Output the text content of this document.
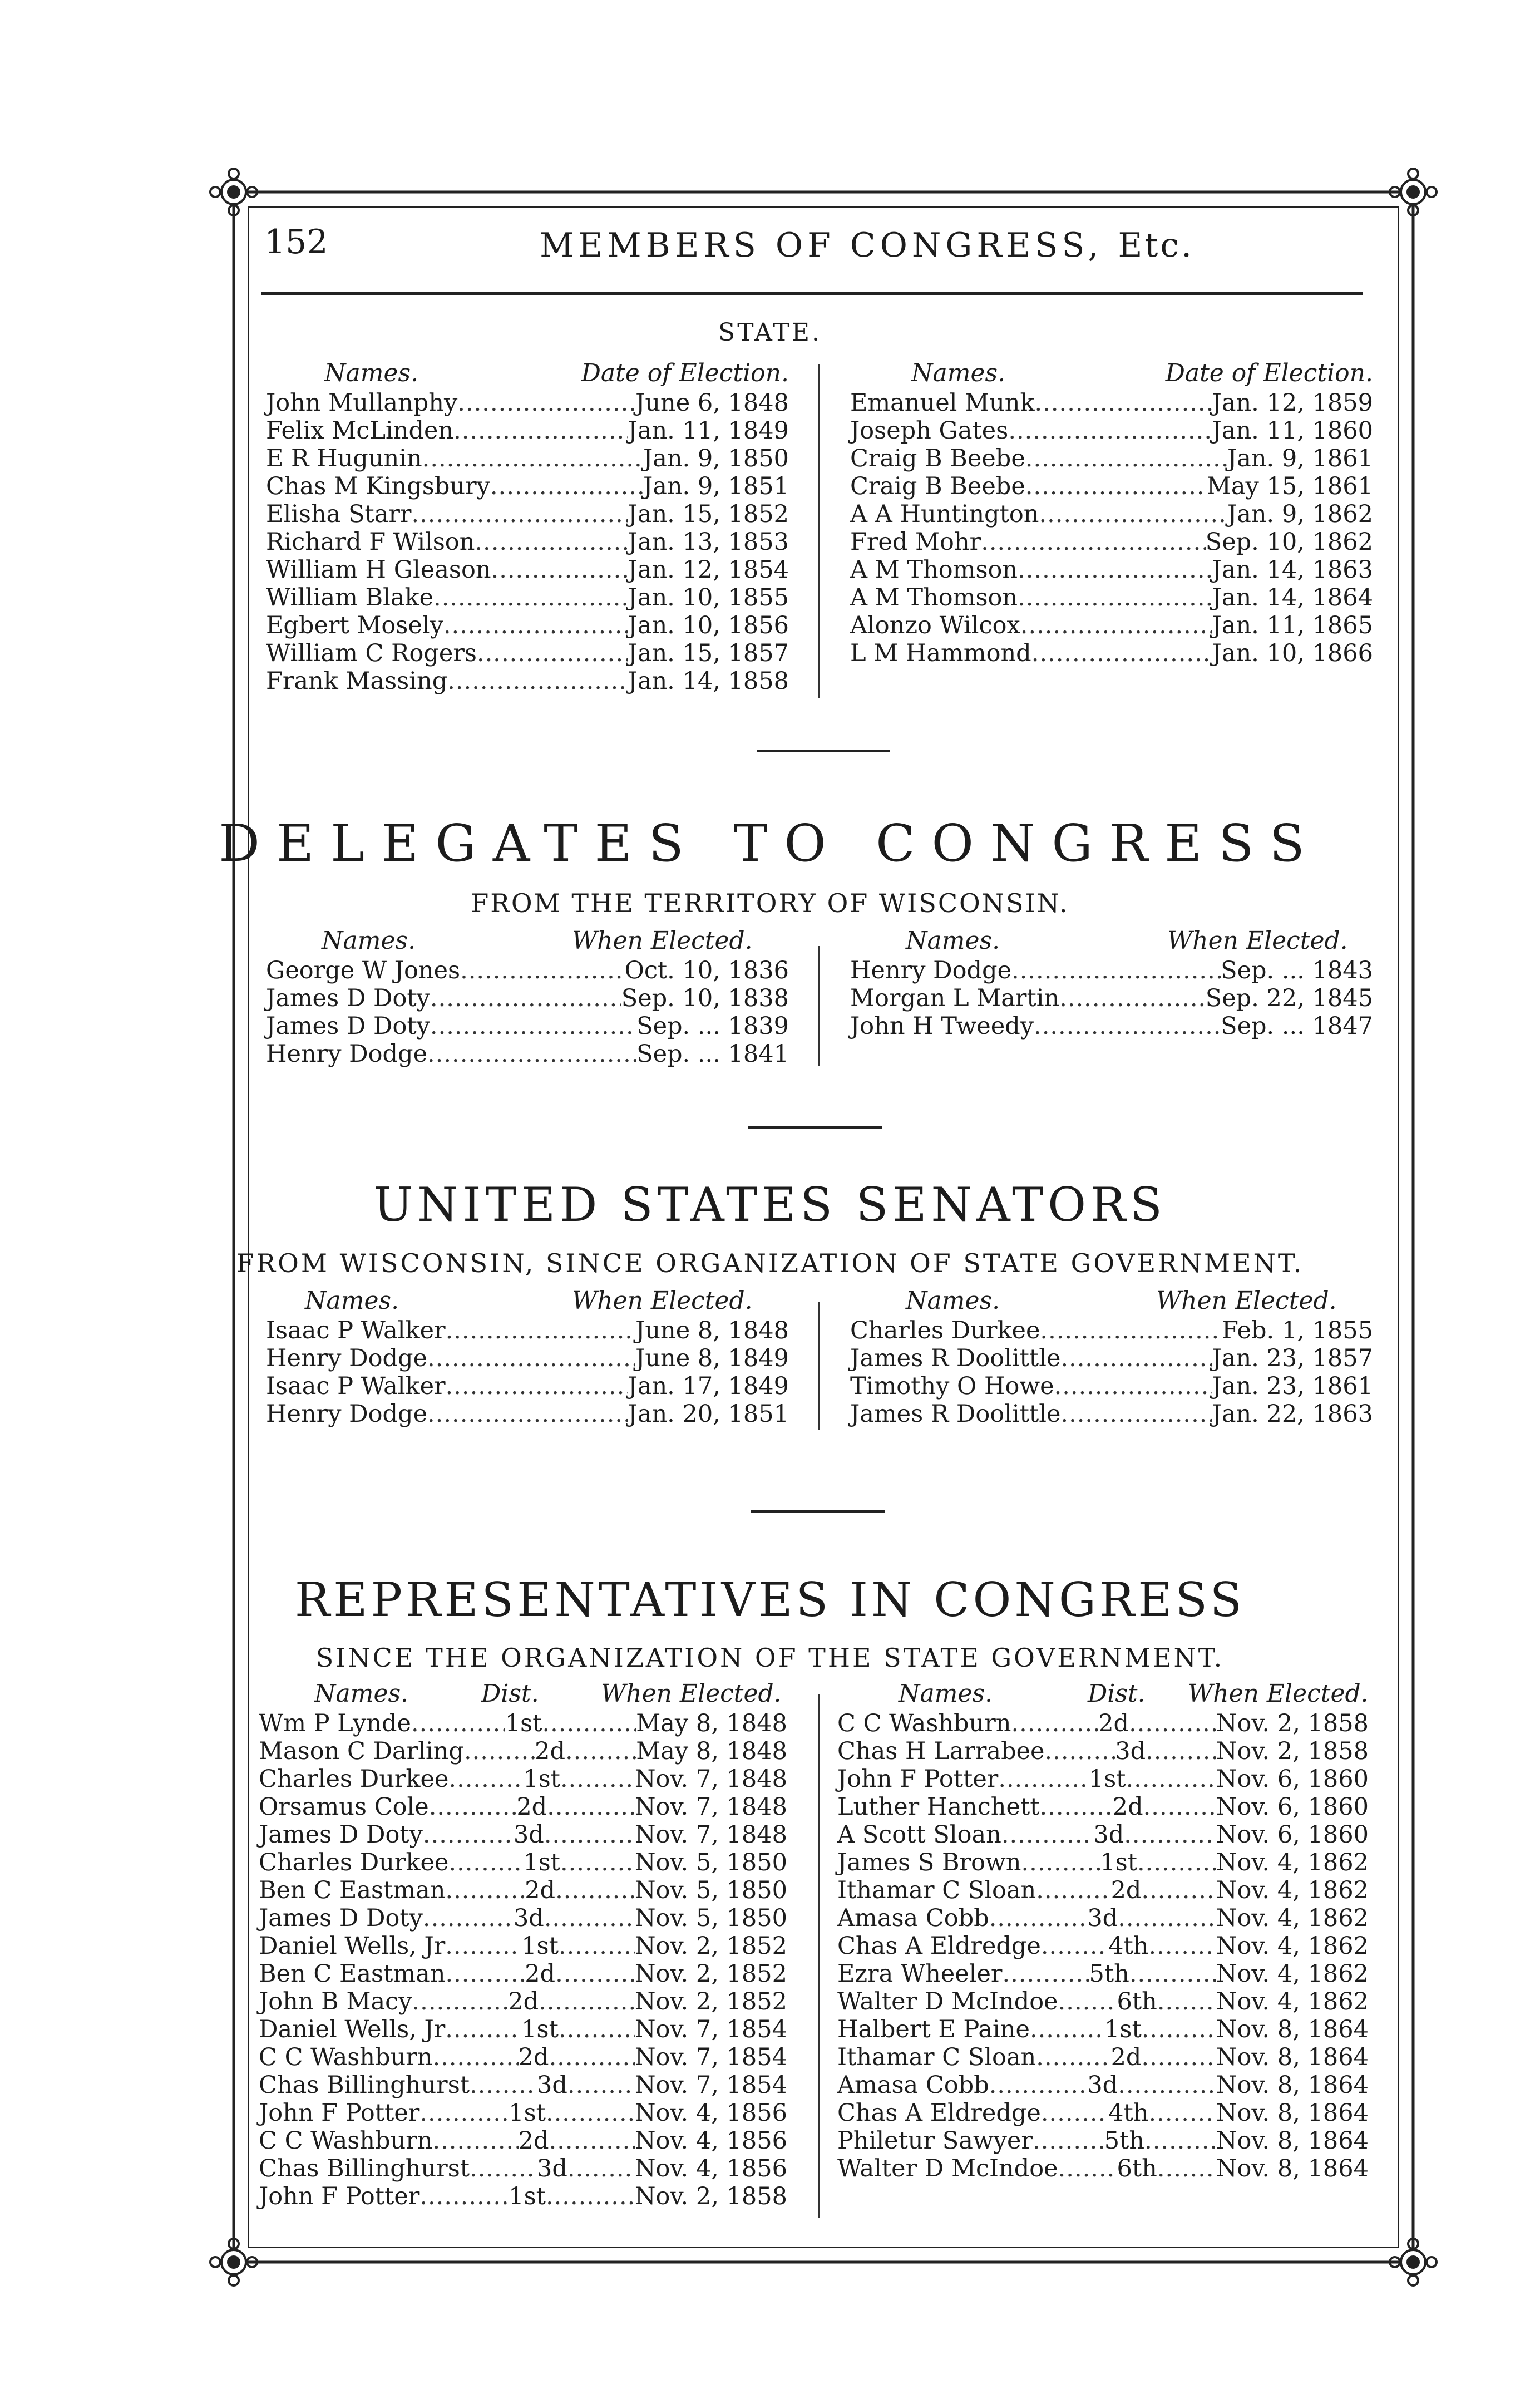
152	MEMBERS OF CONGRESS, Etc.
STATE.
Names.	Date of Election.
John Mullanphy .....	June 6, 1848
Felix McLinden .....	Jan. 11, 1849
E R Hugunin .....	Jan. 9, 1850
Chas M Kingsbury .....	Jan. 9, 1851
Elisha Starr .....	Jan. 15, 1852
Richard F Wilson .....	Jan. 13, 1853
William H Gleason .....	Jan. 12, 1854
William Blake .....	Jan. 10, 1855
Egbert Mosely .....	Jan. 10, 1856
William C Rogers .....	Jan. 15, 1857
Frank Massing .....	Jan. 14, 1858
Names.	Date of Election.
Emanuel Munk .....	Jan. 12, 1859
Joseph Gates .....	Jan. 11, 1860
Craig B Beebe .....	Jan. 9, 1861
Craig B Beebe .....	May 15, 1861
A A Huntington .....	Jan. 9, 1862
Fred Mohr .....	Sep. 10, 1862
A M Thomson .....	Jan. 14, 1863
A M Thomson .....	Jan. 14, 1864
Alonzo Wilcox .....	Jan. 11, 1865
L M Hammond .....	Jan. 10, 1866
DELEGATES TO CONGRESS
FROM THE TERRITORY OF WISCONSIN.
Names.	When Elected.
George W Jones .....	Oct. 10, 1836
James D Doty .....	Sep. 10, 1838
James D Doty .....	Sep. ... 1839
Henry Dodge .....	Sep. ... 1841
Names.	When Elected.
Henry Dodge .....	Sep. ... 1843
Morgan L Martin .....	Sep. 22, 1845
John H Tweedy .....	Sep. ... 1847
UNITED STATES SENATORS
FROM WISCONSIN, SINCE ORGANIZATION OF STATE GOVERNMENT.
Names.	When Elected.
Isaac P Walker .....	June 8, 1848
Henry Dodge .....	June 8, 1849
Isaac P Walker .....	Jan. 17, 1849
Henry Dodge .....	Jan. 20, 1851
Names.	When Elected.
Charles Durkee .....	Feb. 1, 1855
James R Doolittle .....	Jan. 23, 1857
Timothy O Howe .....	Jan. 23, 1861
James R Doolittle .....	Jan. 22, 1863
REPRESENTATIVES IN CONGRESS
SINCE THE ORGANIZATION OF THE STATE GOVERNMENT.
Names.	Dist.	When Elected.
Wm P Lynde .....	1st .....	May 8, 1848
Mason C Darling .....	2d .....	May 8, 1848
Charles Durkee .....	1st .....	Nov. 7, 1848
Orsamus Cole .....	2d .....	Nov. 7, 1848
James D Doty .....	3d .....	Nov. 7, 1848
Charles Durkee .....	1st .....	Nov. 5, 1850
Ben C Eastman .....	2d .....	Nov. 5, 1850
James D Doty .....	3d .....	Nov. 5, 1850
Daniel Wells, Jr .....	1st .....	Nov. 2, 1852
Ben C Eastman .....	2d .....	Nov. 2, 1852
John B Macy .....	2d .....	Nov. 2, 1852
Daniel Wells, Jr .....	1st .....	Nov. 7, 1854
C C Washburn .....	2d .....	Nov. 7, 1854
Chas Billinghurst .....	3d .....	Nov. 7, 1854
John F Potter .....	1st .....	Nov. 4, 1856
C C Washburn .....	2d .....	Nov. 4, 1856
Chas Billinghurst .....	3d .....	Nov. 4, 1856
John F Potter .....	1st .....	Nov. 2, 1858
Names.	Dist. When Elected.
C C Washburn .....	2d .....	Nov. 2, 1858
Chas H Larrabee .....	3d .....	Nov. 2, 1858
John F Potter .....	1st .....	Nov. 6, 1860
Luther Hanchett .....	2d .....	Nov. 6, 1860
A Scott Sloan .....	3d .....	Nov. 6, 1860
James S Brown .....	1st .....	Nov. 4, 1862
Ithamar C Sloan .....	2d .....	Nov. 4, 1862
Amasa Cobb .....	3d .....	Nov. 4, 1862
Chas A Eldredge .....	4th .....	Nov. 4, 1862
Ezra Wheeler .....	5th .....	Nov. 4, 1862
Walter D McIndoe ..... 6th ..... Nov. 4, 1862
Halbert E Paine .....	1st .....	Nov. 8, 1864
Ithamar C Sloan .....	2d .....	Nov. 8, 1864
Amasa Cobb .....	3d .....	Nov. 8, 1864
Chas A Eldredge .....	4th .....	Nov. 8, 1864
Philetur Sawyer .....	5th .....	Nov. 8, 1864
Walter D McIndoe ..... 6th ..... Nov. 8, 1864
